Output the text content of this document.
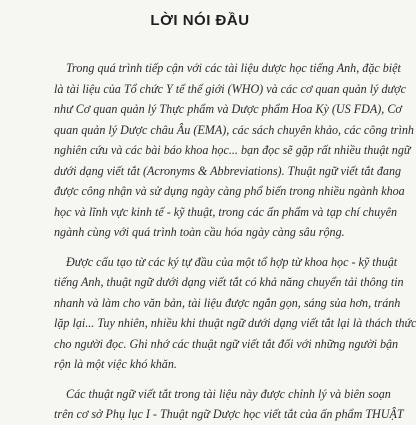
LỜI NÓI ĐẦU
Trong quá trình tiếp cận với các tài liệu dược học tiếng Anh, đặc biệt
là tài liệu của Tổ chức Y tế thế giới (WHO) và các cơ quan quản lý dược
như Cơ quan quản lý Thực phẩm và Dược phẩm Hoa Kỳ (US FDA), Cơ
quan quản lý Dược châu Âu (EMA), các sách chuyên khảo, các công trình
nghiên cứu và các bài báo khoa học... bạn đọc sẽ gặp rất nhiều thuật ngữ
dưới dạng viết tắt (Acronyms & Abbreviations). Thuật ngữ viết tắt đang
được công nhận và sử dụng ngày càng phổ biến trong nhiều ngành khoa
học và lĩnh vực kinh tế - kỹ thuật, trong các ấn phẩm và tạp chí chuyên
ngành cùng với quá trình toàn cầu hóa ngày càng sâu rộng.
Được cấu tạo từ các ký tự đầu của một tổ hợp từ khoa học - kỹ thuật
tiếng Anh, thuật ngữ dưới dạng viết tắt có khả năng chuyển tải thông tin
nhanh và làm cho văn bản, tài liệu được ngắn gọn, sáng sủa hơn, tránh
lặp lại... Tuy nhiên, nhiều khi thuật ngữ dưới dạng viết tắt lại là thách thức
cho người đọc. Ghi nhớ các thuật ngữ viết tắt đối với những người bận
rộn là một việc khó khăn.
Các thuật ngữ viết tắt trong tài liệu này được chỉnh lý và biên soạn
trên cơ sở Phụ lục I - Thuật ngữ Dược học viết tắt của ấn phẩm THUẬT
